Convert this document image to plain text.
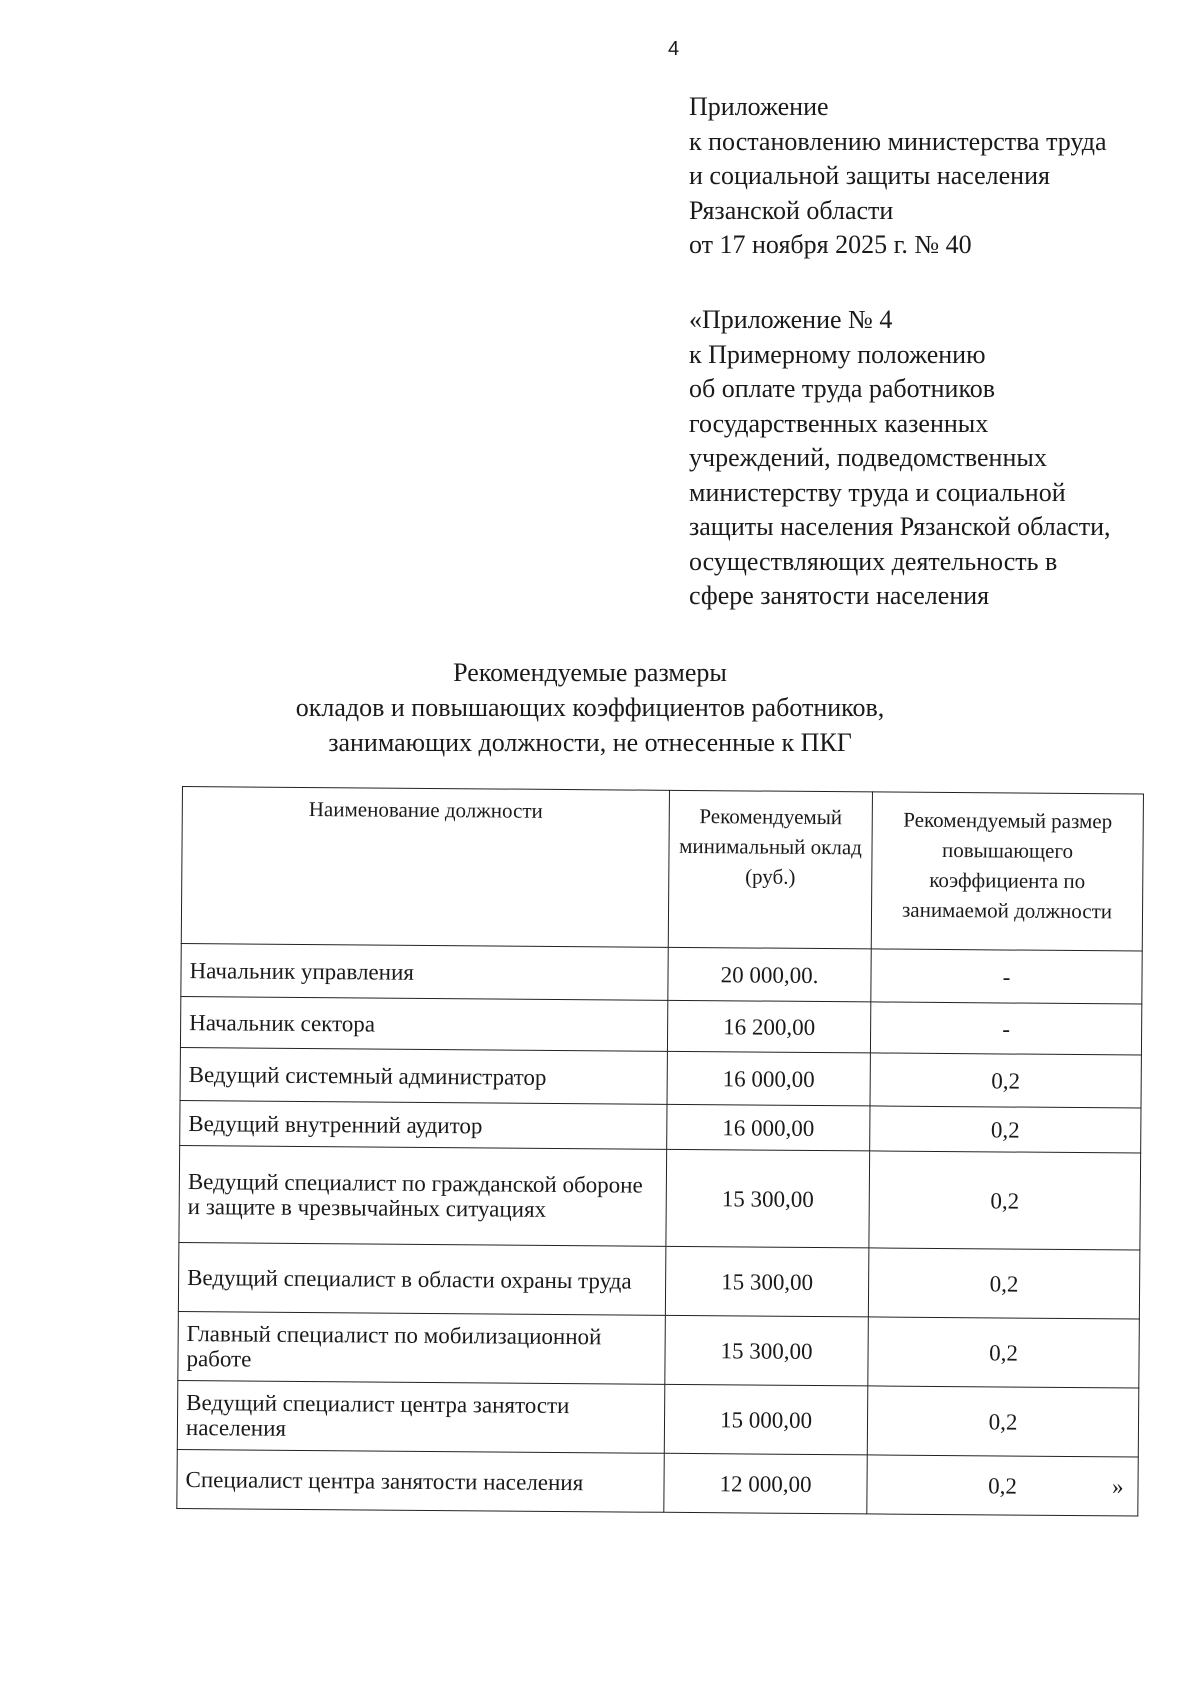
4
Приложение
к постановлению министерства труда
и социальной защиты населения
Рязанской области
от 17 ноября 2025 г. № 40
«Приложение № 4
к Примерному положению
об оплате труда работников
государственных казенных
учреждений, подведомственных
министерству труда и социальной
защиты населения Рязанской области,
осуществляющих деятельность в
сфере занятости населения
Рекомендуемые размеры
окладов и повышающих коэффициентов работников,
занимающих должности, не отнесенные к ПКГ
Наименование должности	Рекомендуемый минимальный оклад (руб.)	Рекомендуемый размер повышающего коэффициента по занимаемой должности
Начальник управления	20 000,00.	-
Начальник сектора	16 200,00	-
Ведущий системный администратор	16 000,00	0,2
Ведущий внутренний аудитор	16 000,00	0,2
Ведущий специалист по гражданской обороне и защите в чрезвычайных ситуациях	15 300,00	0,2
Ведущий специалист в области охраны труда	15 300,00	0,2
Главный специалист по мобилизационной работе	15 300,00	0,2
Ведущий специалист центра занятости населения	15 000,00	0,2
Специалист центра занятости населения	12 000,00	0,2 »
